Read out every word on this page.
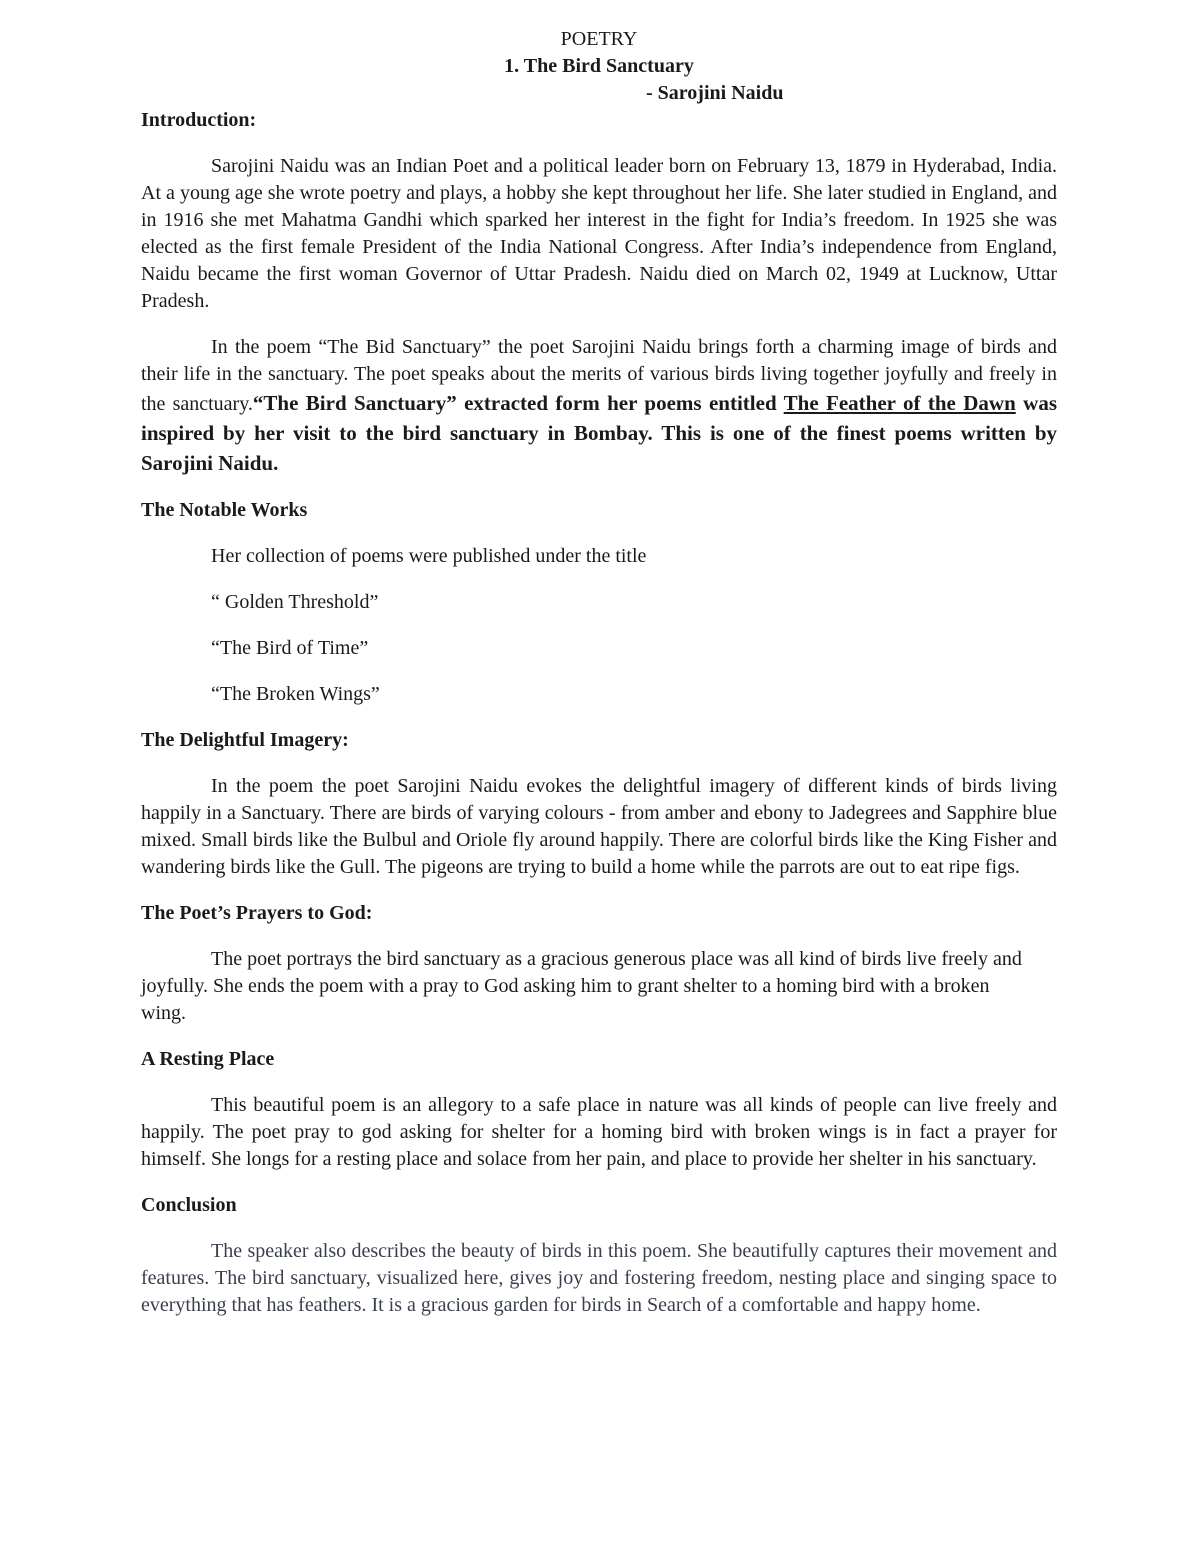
POETRY

1. The Bird Sanctuary

- Sarojini Naidu

Introduction:

Sarojini Naidu was an Indian Poet and a political leader born on February 13, 1879 in Hyderabad, India. At a young age she wrote poetry and plays, a hobby she kept throughout her life. She later studied in England, and in 1916 she met Mahatma Gandhi which sparked her interest in the fight for India’s freedom. In 1925 she was elected as the first female President of the India National Congress. After India’s independence from England, Naidu became the first woman Governor of Uttar Pradesh. Naidu died on March 02, 1949 at Lucknow, Uttar Pradesh.

In the poem “The Bid Sanctuary” the poet Sarojini Naidu brings forth a charming image of birds and their life in the sanctuary. The poet speaks about the merits of various birds living together joyfully and freely in the sanctuary.“The Bird Sanctuary” extracted form her poems entitled The Feather of the Dawn was inspired by her visit to the bird sanctuary in Bombay. This is one of the finest poems written by Sarojini Naidu.

The Notable Works

Her collection of poems were published under the title

“ Golden Threshold”

“The Bird of Time”

“The Broken Wings”

The Delightful Imagery:

In the poem the poet Sarojini Naidu evokes the delightful imagery of different kinds of birds living happily in a Sanctuary. There are birds of varying colours - from amber and ebony to Jadegrees and Sapphire blue mixed. Small birds like the Bulbul and Oriole fly around happily. There are colorful birds like the King Fisher and wandering birds like the Gull. The pigeons are trying to build a home while the parrots are out to eat ripe figs.

The Poet’s Prayers to God:

The poet portrays the bird sanctuary as a gracious generous place was all kind of birds live freely and joyfully. She ends the poem with a pray to God asking him to grant shelter to a homing bird with a broken wing.

A Resting Place

This beautiful poem is an allegory to a safe place in nature was all kinds of people can live freely and happily. The poet pray to god asking for shelter for a homing bird with broken wings is in fact a prayer for himself. She longs for a resting place and solace from her pain, and place to provide her shelter in his sanctuary.

Conclusion

The speaker also describes the beauty of birds in this poem. She beautifully captures their movement and features. The bird sanctuary, visualized here, gives joy and fostering freedom, nesting place and singing space to everything that has feathers. It is a gracious garden for birds in Search of a comfortable and happy home.
